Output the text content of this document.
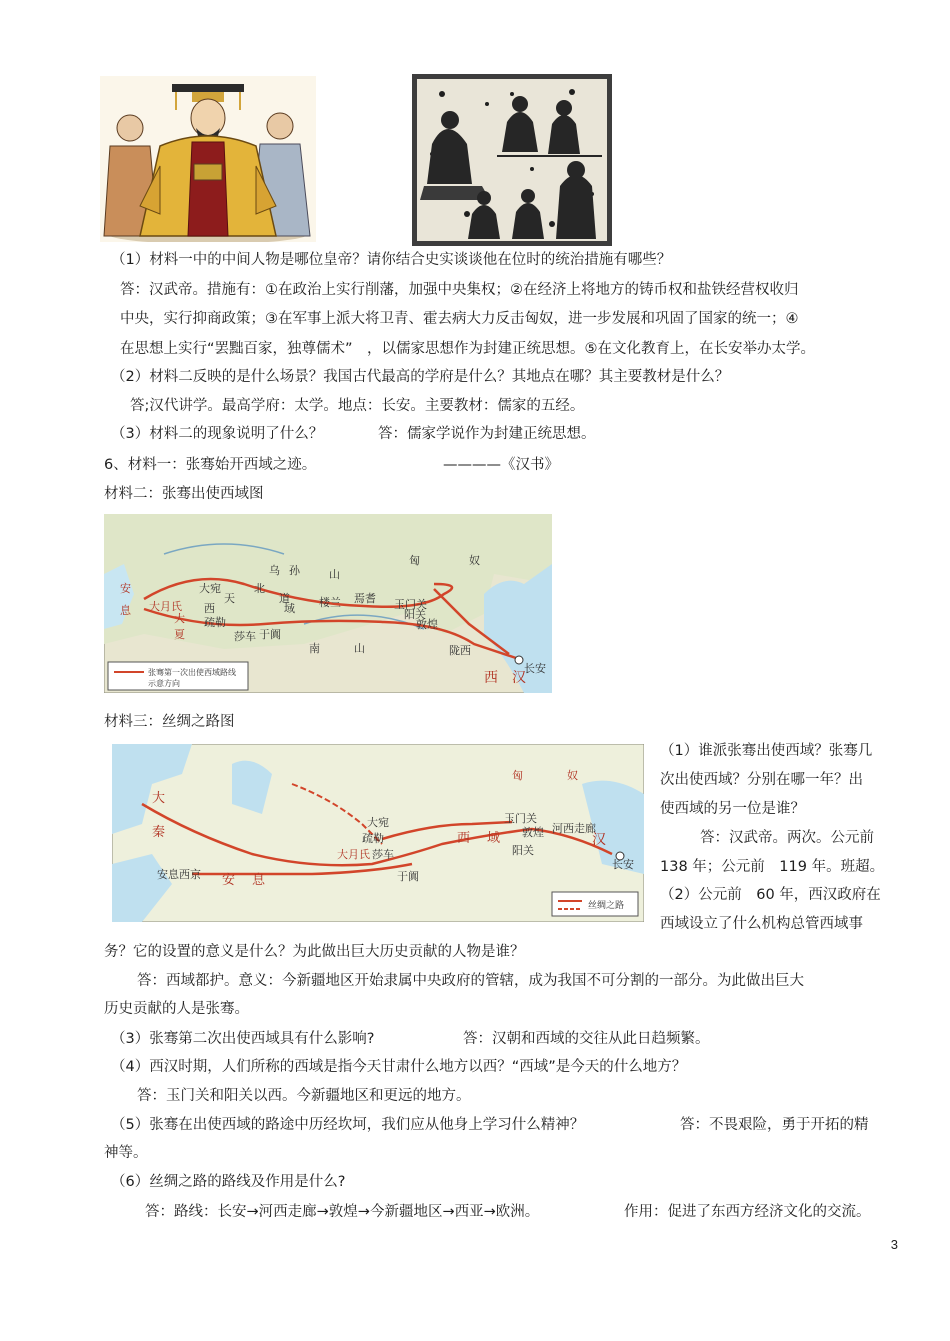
（1）材料一中的中间人物是哪位皇帝？请你结合史实谈谈他在位时的统治措施有哪些？
答：汉武帝。措施有：①在政治上实行削藩，加强中央集权；②在经济上将地方的铸币权和盐铁经营权收归
中央，实行抑商政策；③在军事上派大将卫青、霍去病大力反击匈奴，进一步发展和巩固了国家的统一；④
在思想上实行“罢黜百家，独尊儒术”　，以儒家思想作为封建正统思想。⑤在文化教育上，在长安举办太学。
（2）材料二反映的是什么场景？我国古代最高的学府是什么？其地点在哪？其主要教材是什么？
答;汉代讲学。最高学府：太学。地点：长安。主要教材：儒家的五经。
（3）材料二的现象说明了什么？	答：儒家学说作为封建正统思想。
6、材料一：张骞始开西域之迹。	————《汉书》
材料二：张骞出使西域图
匈	奴
乌 孙	山
大宛	北
道
天	焉耆
大月氏 西	域
疏勒
莎车 于阗
楼兰
南	山
玉门关
阳关
敦煌
安
息
大
夏
陇西
长安
西 汉
张骞第一次出使西域路线
示意方向
材料三：丝绸之路图
匈	奴
大
秦
安 息
大宛
疏勒
大月氏 莎车
于阗
西 域
玉门关
敦煌
阳关
河西走廊
汉
长安
安息西京
丝绸之路
（1）谁派张骞出使西域？张骞几
次出使西域？分别在哪一年？出
使西域的另一位是谁？
答：汉武帝。两次。公元前
138 年；公元前　119 年。班超。
（2）公元前　60 年，西汉政府在
西域设立了什么机构总管西域事
务？它的设置的意义是什么？为此做出巨大历史贡献的人物是谁？
答：西域都护。意义：今新疆地区开始隶属中央政府的管辖，成为我国不可分割的一部分。为此做出巨大
历史贡献的人是张骞。
（3）张骞第二次出使西域具有什么影响?	答：汉朝和西域的交往从此日趋频繁。
（4）西汉时期，人们所称的西域是指今天甘肃什么地方以西？“西域”是今天的什么地方？
答：玉门关和阳关以西。今新疆地区和更远的地方。
（5）张骞在出使西域的路途中历经坎坷，我们应从他身上学习什么精神？	答：不畏艰险，勇于开拓的精
神等。
（6）丝绸之路的路线及作用是什么?
答：路线：长安→河西走廊→敦煌→今新疆地区→西亚→欧洲。	作用：促进了东西方经济文化的交流。
3
